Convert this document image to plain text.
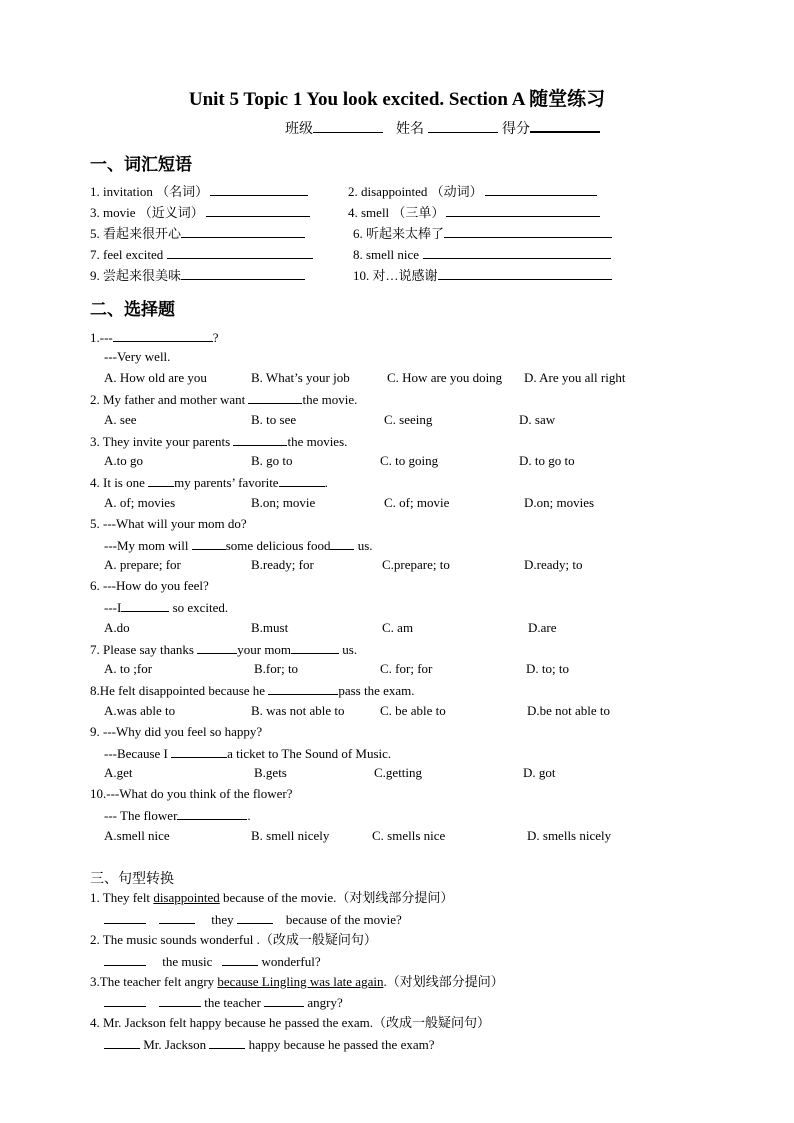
Unit 5 Topic 1 You look excited. Section A 随堂练习
班级	姓名	得分
一、词汇短语
1. invitation （名词）	2. disappointed （动词）
3. movie （近义词）	4. smell （三单）
5. 看起来很开心	6. 听起来太棒了
7. feel excited	8. smell nice
9. 尝起来很美味	10. 对…说感谢
二、选择题
1.---	?
---Very well.
A. How old are you	B. What’s your job	C. How are you doing D. Are you all right
2. My father and mother want	the movie.
A. see	B. to see	C. seeing	D. saw
3. They invite your parents	the movies.
A.to go	B. go to	C. to going	D. to go to
4. It is one my parents’ favorite	.
A. of; movies	B.on; movie	C. of; movie	D.on; movies
5. ---What will your mom do?
---My mom will	some delicious food us.
A. prepare; for	B.ready; for	C.prepare; to	D.ready; to
6. ---How do you feel?
---I	so excited.
A.do	B.must	C. am	D.are
7. Please say thanks	your mom	us.
A. to ;for	B.for; to	C. for; for	D. to; to
8.He felt disappointed because he	pass the exam.
A.was able to	B. was not able to	C. be able to	D.be not able to
9. ---Why did you feel so happy?
---Because I	a ticket to The Sound of Music.
A.get	B.gets	C.getting	D. got
10.---What do you think of the flower?
--- The flower	.
A.smell nice	B. smell nicely	C. smells nice	D. smells nicely
三、句型转换
1. They felt disappointed because of the movie.（对划线部分提问）
they	because of the movie?
2. The music sounds wonderful .（改成一般疑问句）
the music	wonderful?
3.The teacher felt angry because Lingling was late again.（对划线部分提问）
the teacher	angry?
4. Mr. Jackson felt happy because he passed the exam.（改成一般疑问句）
Mr. Jackson	happy because he passed the exam?
